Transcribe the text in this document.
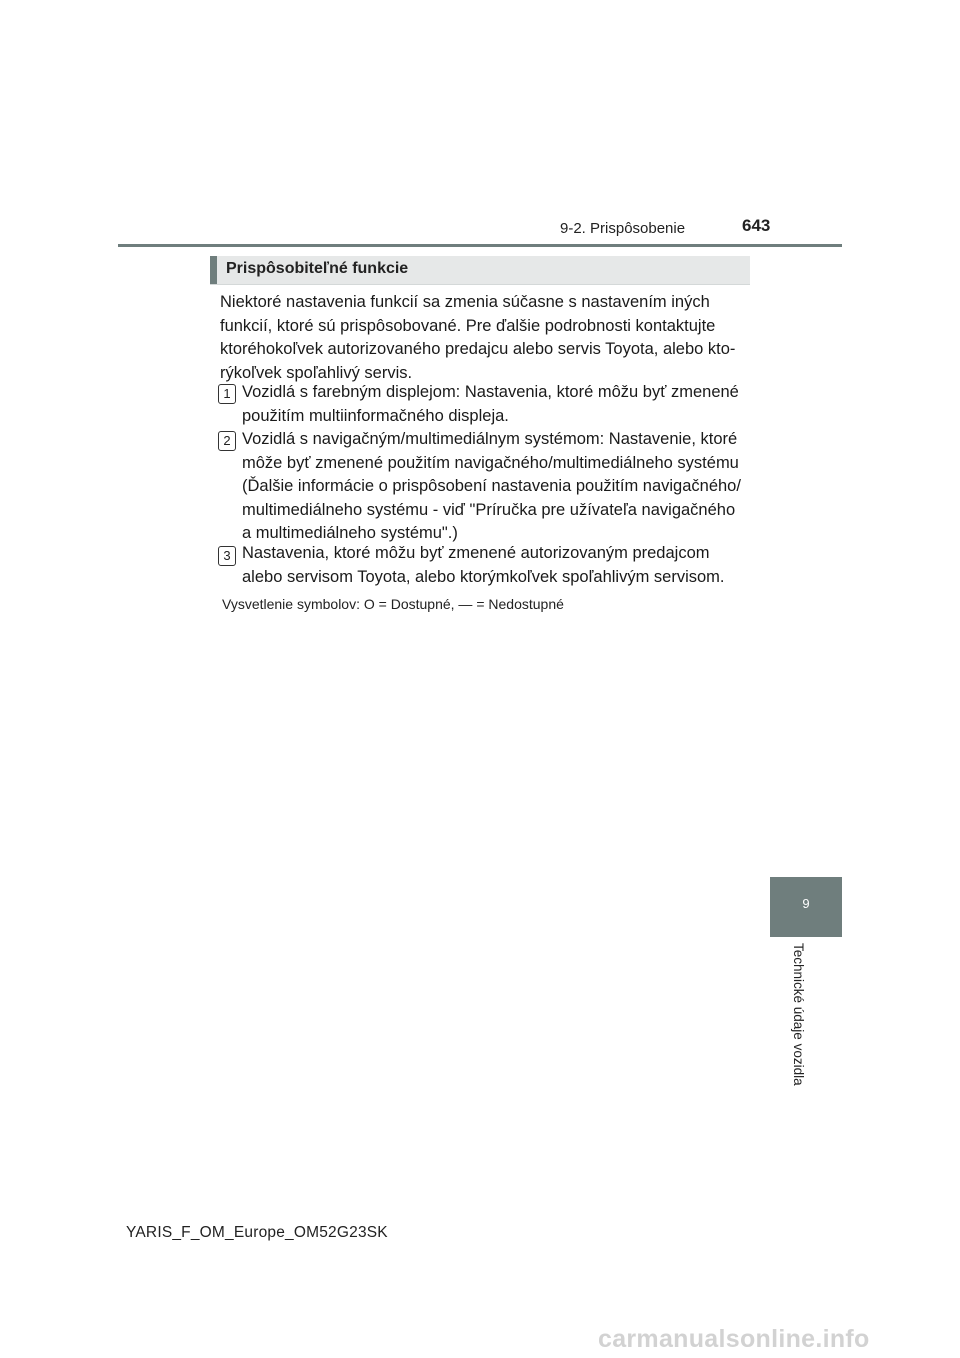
9-2. Prispôsobenie	643
Prispôsobiteľné funkcie
Niektoré nastavenia funkcií sa zmenia súčasne s nastavením iných
funkcií, ktoré sú prispôsobované. Pre ďalšie podrobnosti kontaktujte
ktoréhokoľvek autorizovaného predajcu alebo servis Toyota, alebo kto-
rýkoľvek spoľahlivý servis.
1 Vozidlá s farebným displejom: Nastavenia, ktoré môžu byť zmenené
použitím multiinformačného displeja.
2 Vozidlá s navigačným/multimediálnym systémom: Nastavenie, ktoré
môže byť zmenené použitím navigačného/multimediálneho systému
(Ďalšie informácie o prispôsobení nastavenia použitím navigačného/
multimediálneho systému - viď "Príručka pre užívateľa navigačného
a multimediálneho systému".)
3 Nastavenia, ktoré môžu byť zmenené autorizovaným predajcom
alebo servisom Toyota, alebo ktorýmkoľvek spoľahlivým servisom.
Vysvetlenie symbolov: O = Dostupné, — = Nedostupné
9
Technické údaje vozidla
YARIS_F_OM_Europe_OM52G23SK
carmanualsonline.info
